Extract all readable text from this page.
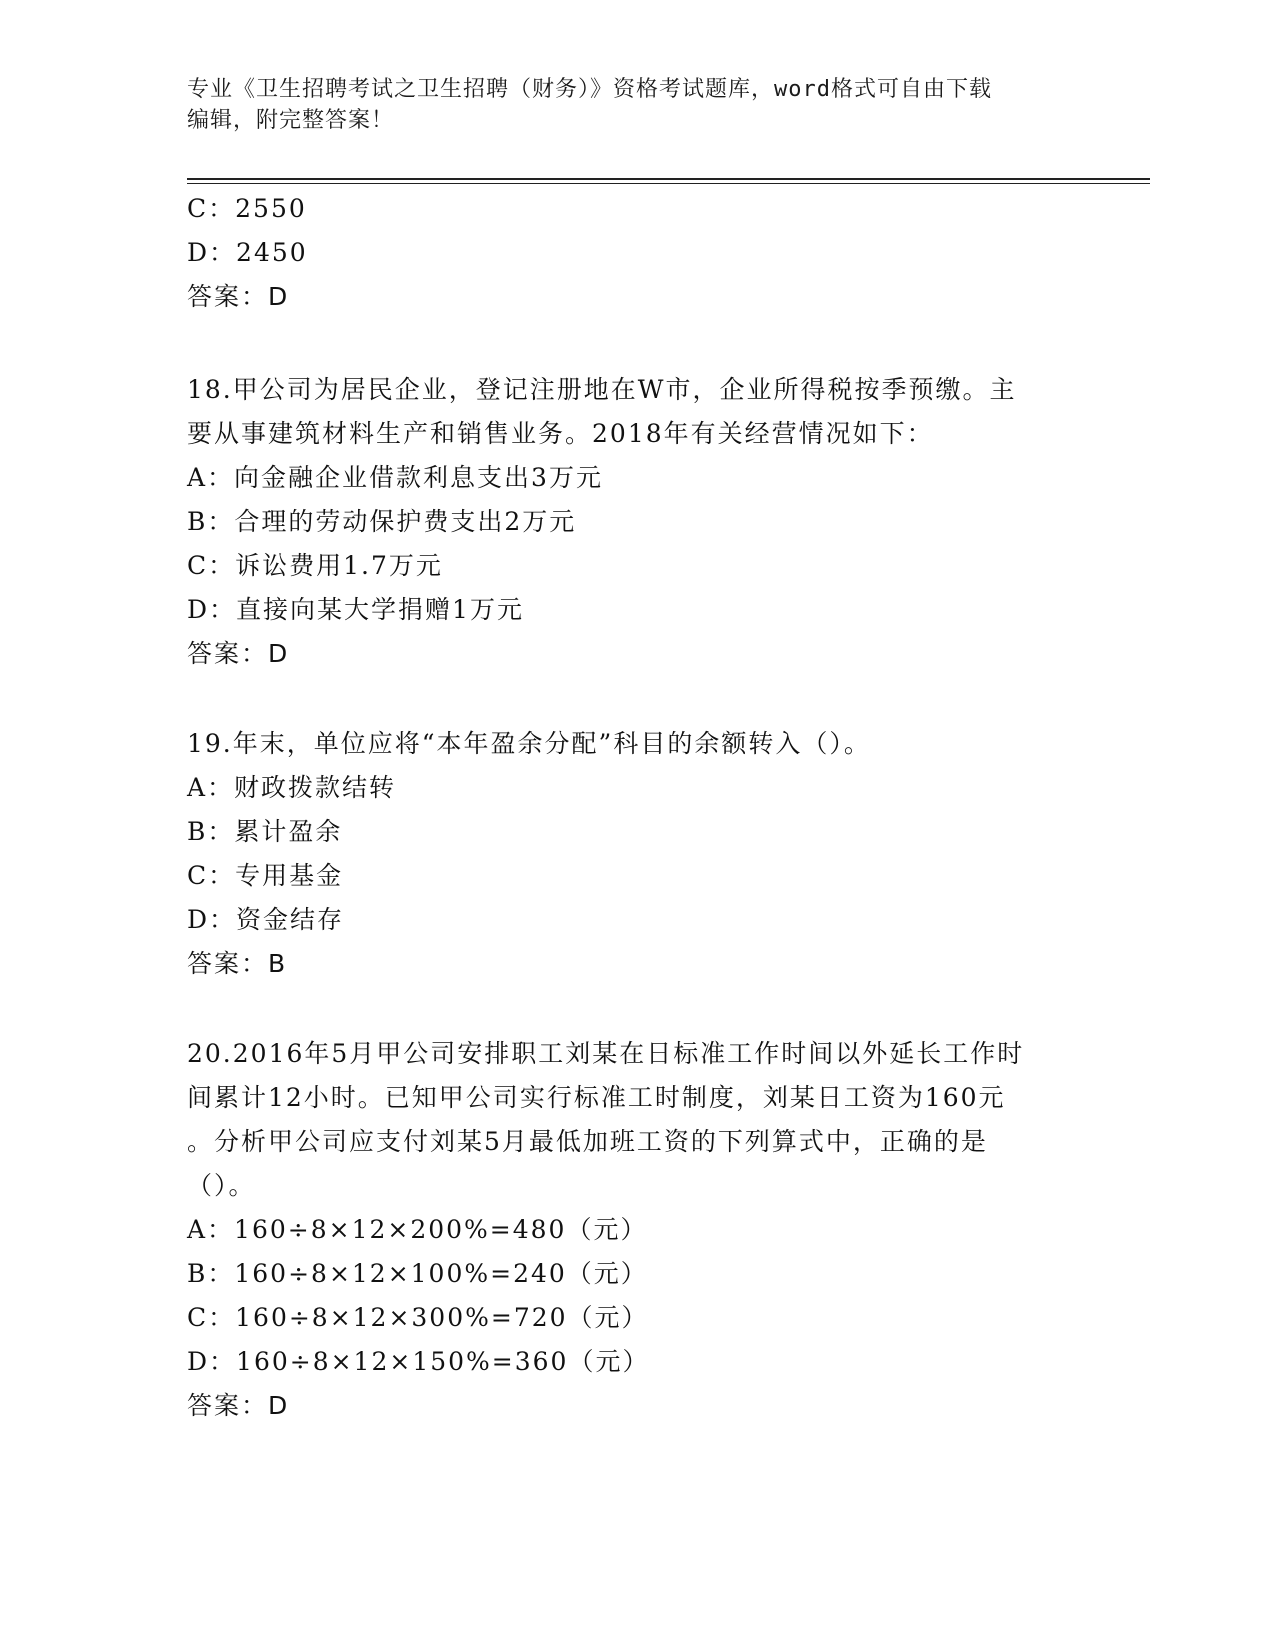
专业《卫生招聘考试之卫生招聘（财务）》资格考试题库，word格式可自由下载
编辑，附完整答案！
C：2550
D：2450
答案：D
18.甲公司为居民企业，登记注册地在W市，企业所得税按季预缴。主
要从事建筑材料生产和销售业务。2018年有关经营情况如下：
A：向金融企业借款利息支出3万元
B：合理的劳动保护费支出2万元
C：诉讼费用1.7万元
D：直接向某大学捐赠1万元
答案：D
19.年末，单位应将“本年盈余分配”科目的余额转入（）。
A：财政拨款结转
B：累计盈余
C：专用基金
D：资金结存
答案：B
20.2016年5月甲公司安排职工刘某在日标准工作时间以外延长工作时
间累计12小时。已知甲公司实行标准工时制度，刘某日工资为160元
。分析甲公司应支付刘某5月最低加班工资的下列算式中，正确的是
（）。
A：160÷8×12×200%=480（元）
B：160÷8×12×100%=240（元）
C：160÷8×12×300%=720（元）
D：160÷8×12×150%=360（元）
答案：D
